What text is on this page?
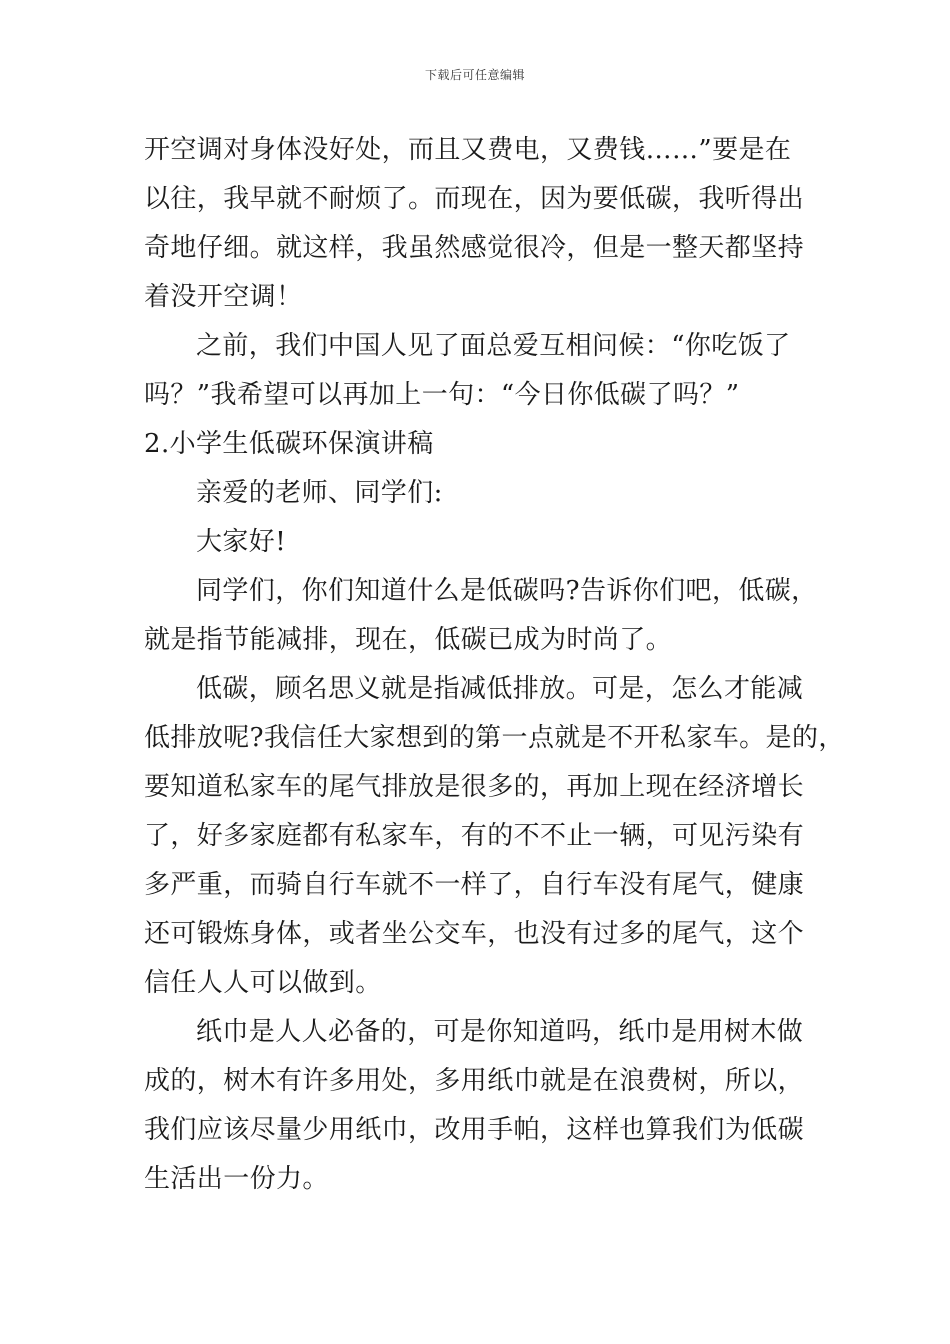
下载后可任意编辑
开空调对身体没好处，而且又费电，又费钱……”要是在
以往，我早就不耐烦了。而现在，因为要低碳，我听得出
奇地仔细。就这样，我虽然感觉很冷，但是一整天都坚持
着没开空调！
之前，我们中国人见了面总爱互相问候：“你吃饭了
吗？”我希望可以再加上一句：“今日你低碳了吗？”
2.小学生低碳环保演讲稿
亲爱的老师、同学们:
大家好!
同学们，你们知道什么是低碳吗?告诉你们吧，低碳，
就是指节能减排，现在，低碳已成为时尚了。
低碳，顾名思义就是指减低排放。可是，怎么才能减
低排放呢?我信任大家想到的第一点就是不开私家车。是的，
要知道私家车的尾气排放是很多的，再加上现在经济增长
了，好多家庭都有私家车，有的不不止一辆，可见污染有
多严重，而骑自行车就不一样了，自行车没有尾气，健康
还可锻炼身体，或者坐公交车，也没有过多的尾气，这个
信任人人可以做到。
纸巾是人人必备的，可是你知道吗，纸巾是用树木做
成的，树木有许多用处，多用纸巾就是在浪费树，所以，
我们应该尽量少用纸巾，改用手帕，这样也算我们为低碳
生活出一份力。
